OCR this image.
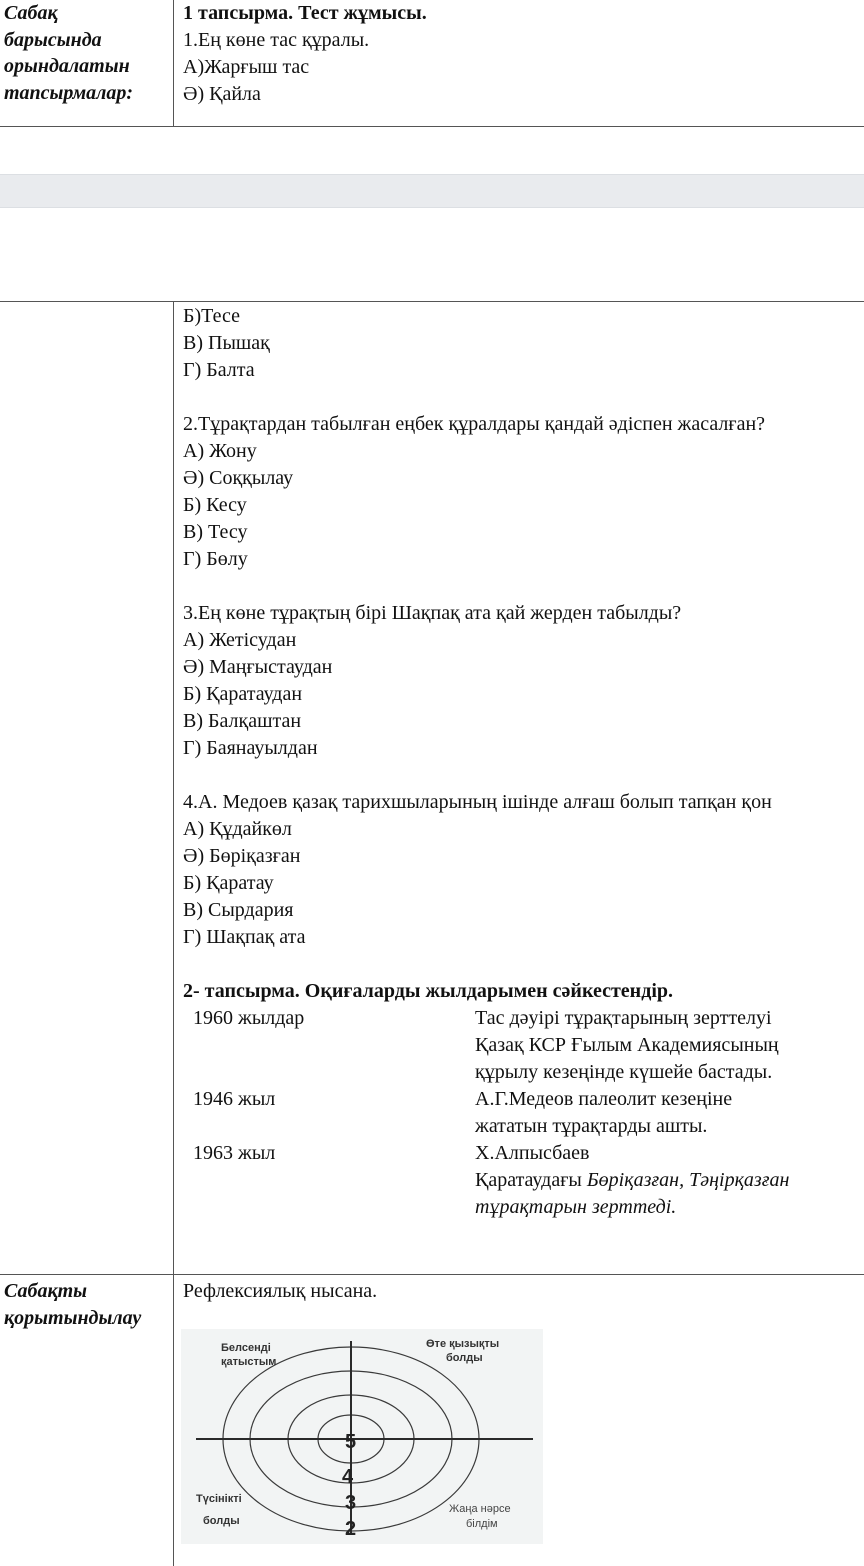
Сабақ
барысында
орындалатын
тапсырмалар:
1 тапсырма. Тест жұмысы.
1.Ең көне тас құралы.
А)Жарғыш тас
Ә) Қайла
Б)Тесе
В) Пышақ
Г) Балта
2.Тұрақтардан табылған еңбек құралдары қандай әдіспен жасалған?
А) Жону
Ә) Соққылау
Б) Кесу
В) Тесу
Г) Бөлу
3.Ең көне тұрақтың бірі Шақпақ ата қай жерден табылды?
А) Жетісудан
Ә) Маңғыстаудан
Б) Қаратаудан
В) Балқаштан
Г) Баянауылдан
4.А. Медоев қазақ тарихшыларының ішінде алғаш болып тапқан қон
А) Құдайкөл
Ә) Бөріқазған
Б) Қаратау
В) Сырдария
Г) Шақпақ ата
2- тапсырма. Оқиғаларды жылдарымен сәйкестендір.
1960 жылдар
1946 жыл
1963 жыл
Тас дәуірі тұрақтарының зерттелуі
Қазақ КСР Ғылым Академиясының
құрылу кезеңінде күшейе бастады.
А.Г.Медеов палеолит кезеңіне
жататын тұрақтарды ашты.
Х.Алпысбаев
Қаратаудағы Бөріқазған, Тәңірқазған
тұрақтарын зерттеді.
Сабақты
қорытындылау
Рефлексиялық нысана.
Белсенді
қатыстым
Өте қызықты
болды
Түсінікті
болды
Жаңа нәрсе
білдім
5
4
3
2
